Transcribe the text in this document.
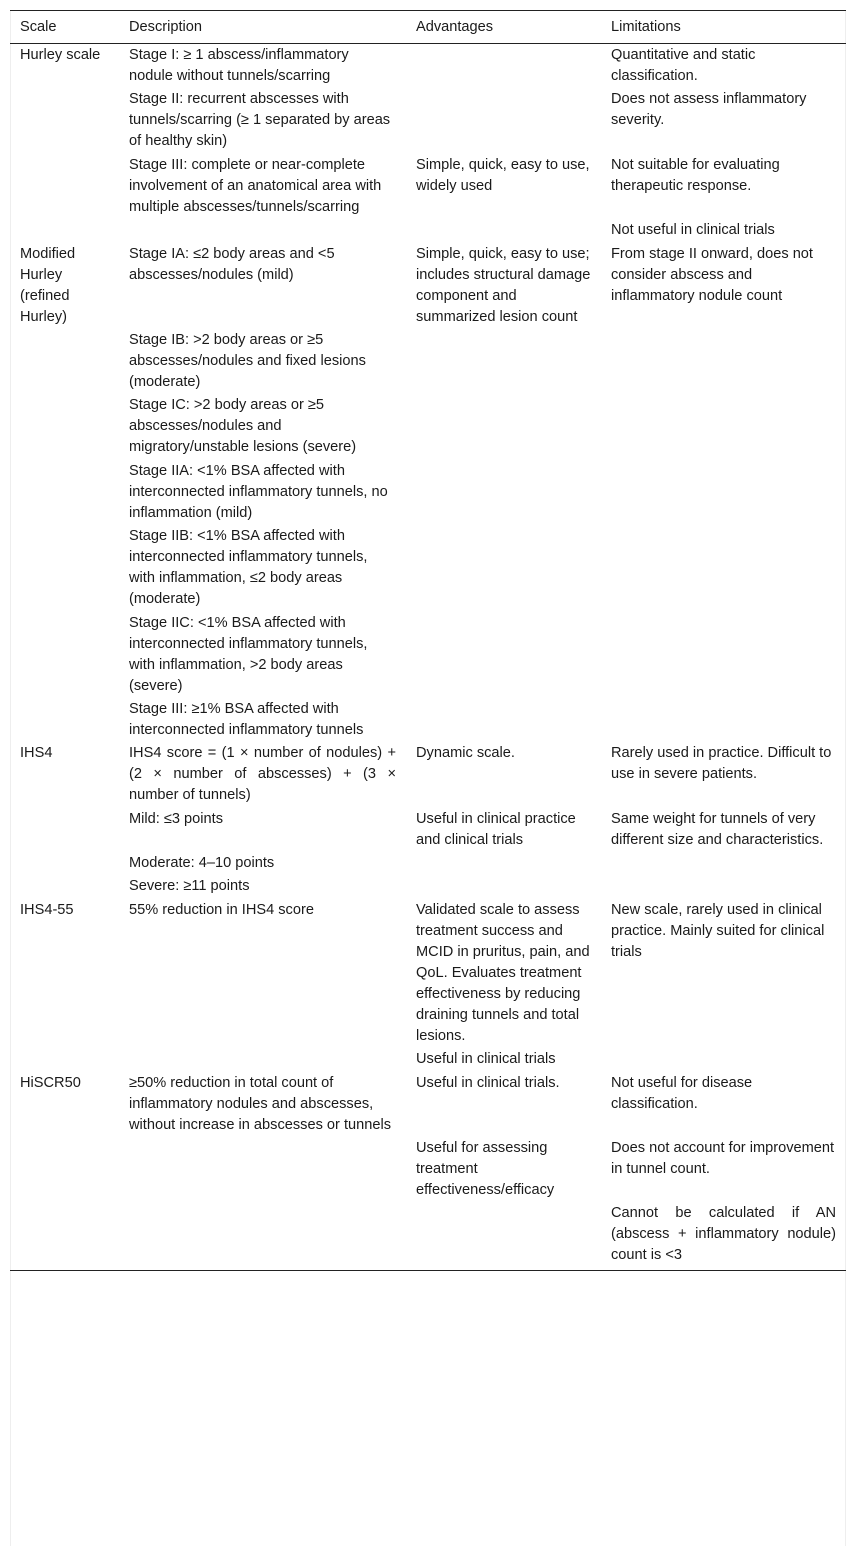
Scale	Description	Advantages	Limitations
Hurley scale	Stage I: ≥ 1 abscess/inflammatory nodule without tunnels/scarring		Quantitative and static classification.
	Stage II: recurrent abscesses with tunnels/scarring (≥ 1 separated by areas of healthy skin)		Does not assess inflammatory severity.
	Stage III: complete or near-complete involvement of an anatomical area with multiple abscesses/tunnels/scarring	Simple, quick, easy to use, widely used	Not suitable for evaluating therapeutic response.
			Not useful in clinical trials
Modified Hurley (refined Hurley)	Stage IA: ≤2 body areas and <5 abscesses/nodules (mild)	Simple, quick, easy to use; includes structural damage component and summarized lesion count	From stage II onward, does not consider abscess and inflammatory nodule count
	Stage IB: >2 body areas or ≥5 abscesses/nodules and fixed lesions (moderate)		
	Stage IC: >2 body areas or ≥5 abscesses/nodules and migratory/unstable lesions (severe)		
	Stage IIA: <1% BSA affected with interconnected inflammatory tunnels, no inflammation (mild)		
	Stage IIB: <1% BSA affected with interconnected inflammatory tunnels, with inflammation, ≤2 body areas (moderate)		
	Stage IIC: <1% BSA affected with interconnected inflammatory tunnels, with inflammation, >2 body areas (severe)		
	Stage III: ≥1% BSA affected with interconnected inflammatory tunnels		
IHS4	IHS4 score = (1 × number of nodules) + (2 × number of abscesses) + (3 × number of tunnels)	Dynamic scale.	Rarely used in practice. Difficult to use in severe patients.
	Mild: ≤3 points	Useful in clinical practice and clinical trials	Same weight for tunnels of very different size and characteristics.
	Moderate: 4–10 points		
	Severe: ≥11 points		
IHS4-55	55% reduction in IHS4 score	Validated scale to assess treatment success and MCID in pruritus, pain, and QoL. Evaluates treatment effectiveness by reducing draining tunnels and total lesions.	New scale, rarely used in clinical practice. Mainly suited for clinical trials
		Useful in clinical trials	
HiSCR50	≥50% reduction in total count of inflammatory nodules and abscesses, without increase in abscesses or tunnels	Useful in clinical trials.	Not useful for disease classification.
		Useful for assessing treatment effectiveness/efficacy	Does not account for improvement in tunnel count.
			Cannot be calculated if AN (abscess + inflammatory nodule) count is <3
